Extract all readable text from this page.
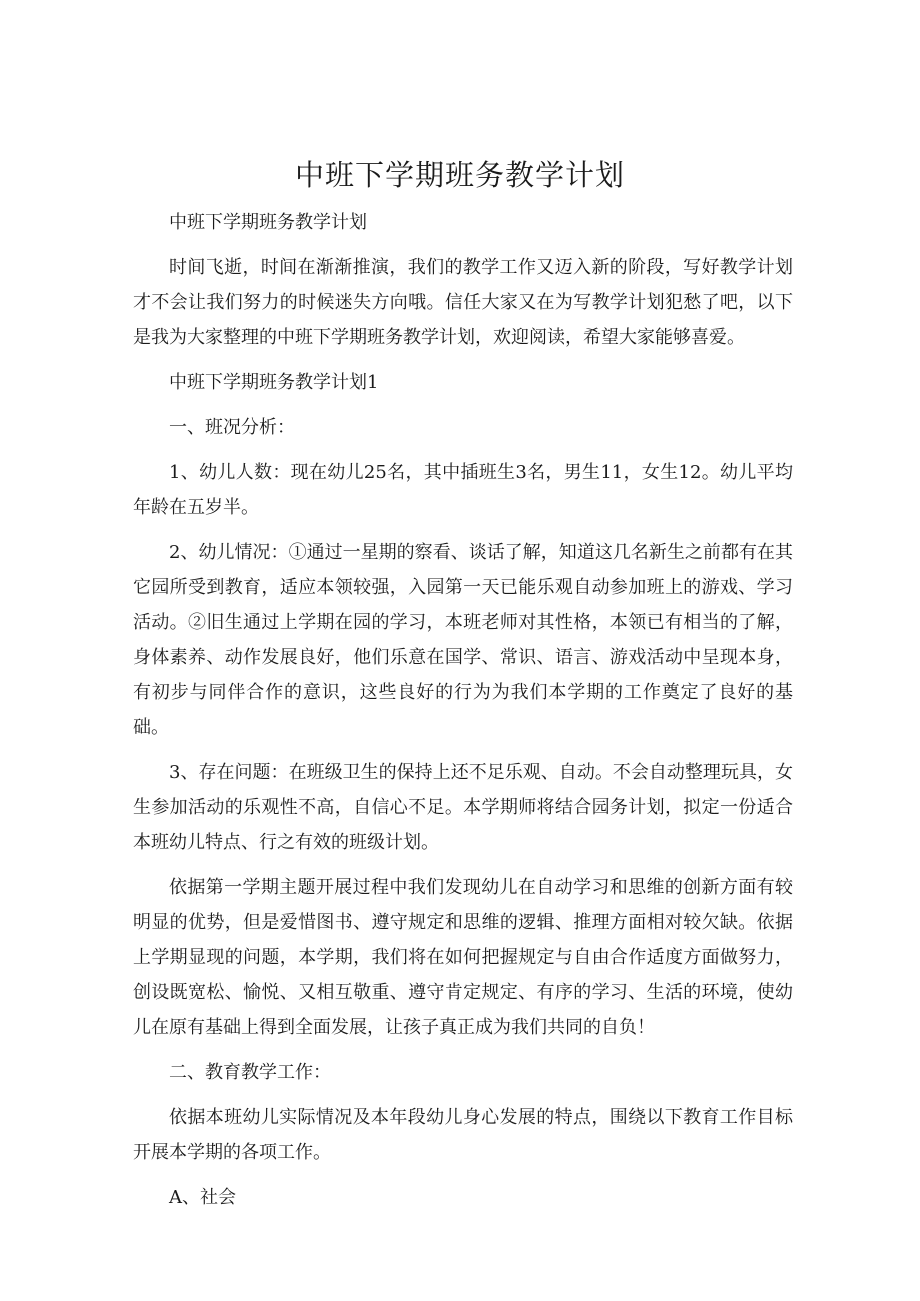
中班下学期班务教学计划

中班下学期班务教学计划

时间飞逝，时间在渐渐推演，我们的教学工作又迈入新的阶段，写好教学计划才不会让我们努力的时候迷失方向哦。信任大家又在为写教学计划犯愁了吧，以下是我为大家整理的中班下学期班务教学计划，欢迎阅读，希望大家能够喜爱。

中班下学期班务教学计划1

一、班况分析：

1、幼儿人数：现在幼儿25名，其中插班生3名，男生11，女生12。幼儿平均年龄在五岁半。

2、幼儿情况：①通过一星期的察看、谈话了解，知道这几名新生之前都有在其它园所受到教育，适应本领较强，入园第一天已能乐观自动参加班上的游戏、学习活动。②旧生通过上学期在园的学习，本班老师对其性格，本领已有相当的了解，身体素养、动作发展良好，他们乐意在国学、常识、语言、游戏活动中呈现本身，有初步与同伴合作的意识，这些良好的行为为我们本学期的工作奠定了良好的基础。

3、存在问题：在班级卫生的保持上还不足乐观、自动。不会自动整理玩具，女生参加活动的乐观性不高，自信心不足。本学期师将结合园务计划，拟定一份适合本班幼儿特点、行之有效的班级计划。

依据第一学期主题开展过程中我们发现幼儿在自动学习和思维的创新方面有较明显的优势，但是爱惜图书、遵守规定和思维的逻辑、推理方面相对较欠缺。依据上学期显现的问题，本学期，我们将在如何把握规定与自由合作适度方面做努力，创设既宽松、愉悦、又相互敬重、遵守肯定规定、有序的学习、生活的环境，使幼儿在原有基础上得到全面发展，让孩子真正成为我们共同的自负！

二、教育教学工作：

依据本班幼儿实际情况及本年段幼儿身心发展的特点，围绕以下教育工作目标开展本学期的各项工作。

A、社会
